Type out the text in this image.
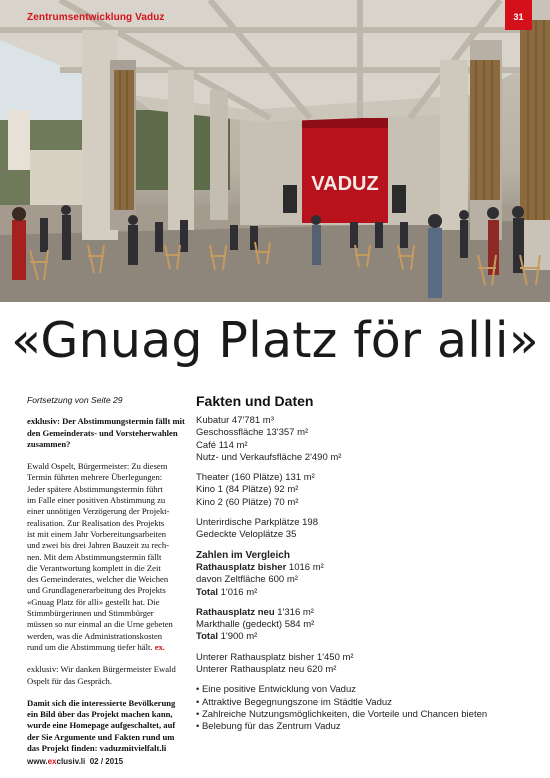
VADUZ
Zentrumsentwicklung Vaduz	31
«Gnuag Platz för alli»
Fortsetzung von Seite 29

exklusiv: Der Abstimmungstermin fällt mit
den Gemeinderats- und Vorsteherwahlen
zusammen?

Ewald Ospelt, Bürgermeister: Zu diesem
Termin führten mehrere Überlegungen:
Jeder spätere Abstimmungstermin führt
im Falle einer positiven Abstimmung zu
einer unnötigen Verzögerung der Projekt-
realisation. Zur Realisation des Projekts
ist mit einem Jahr Vorbereitungsarbeiten
und zwei bis drei Jahren Bauzeit zu rech-
nen. Mit dem Abstimmungstermin fällt
die Verantwortung komplett in die Zeit
des Gemeinderates, welcher die Weichen
und Grundlagenerarbeitung des Projekts
«Gnuag Platz för alli» gestellt hat. Die
Stimmbürgerinnen und Stimmbürger
müssen so nur einmal an die Urne gebeten
werden, was die Administrationskosten
rund um die Abstimmung tiefer hält. ex.

exklusiv: Wir danken Bürgermeister Ewald
Ospelt für das Gespräch.

Damit sich die interessierte Bevölkerung
ein Bild über das Projekt machen kann,
wurde eine Homepage aufgeschaltet, auf
der Sie Argumente und Fakten rund um
das Projekt finden: vaduzmitvielfalt.li

Fakten und Daten
Kubatur 47'781 m³
Geschossfläche 13'357 m²
Café 114 m²
Nutz- und Verkaufsfläche 2'490 m²
Theater (160 Plätze) 131 m²
Kino 1 (84 Plätze) 92 m²
Kino 2 (60 Plätze) 70 m²
Unterirdische Parkplätze 198
Gedeckte Veloplätze 35
Zahlen im Vergleich
Rathausplatz bisher 1016 m²
davon Zeltfläche 600 m²
Total 1'016 m²
Rathausplatz neu 1'316 m²
Markthalle (gedeckt) 584 m²
Total 1'900 m²
Unterer Rathausplatz bisher 1'450 m²
Unterer Rathausplatz neu 620 m²
• Eine positive Entwicklung von Vaduz
• Attraktive Begegnungszone im Städtle Vaduz
• Zahlreiche Nutzungsmöglichkeiten, die Vorteile und Chancen bieten
• Belebung für das Zentrum Vaduz
www.exclusiv.li 02 / 2015
